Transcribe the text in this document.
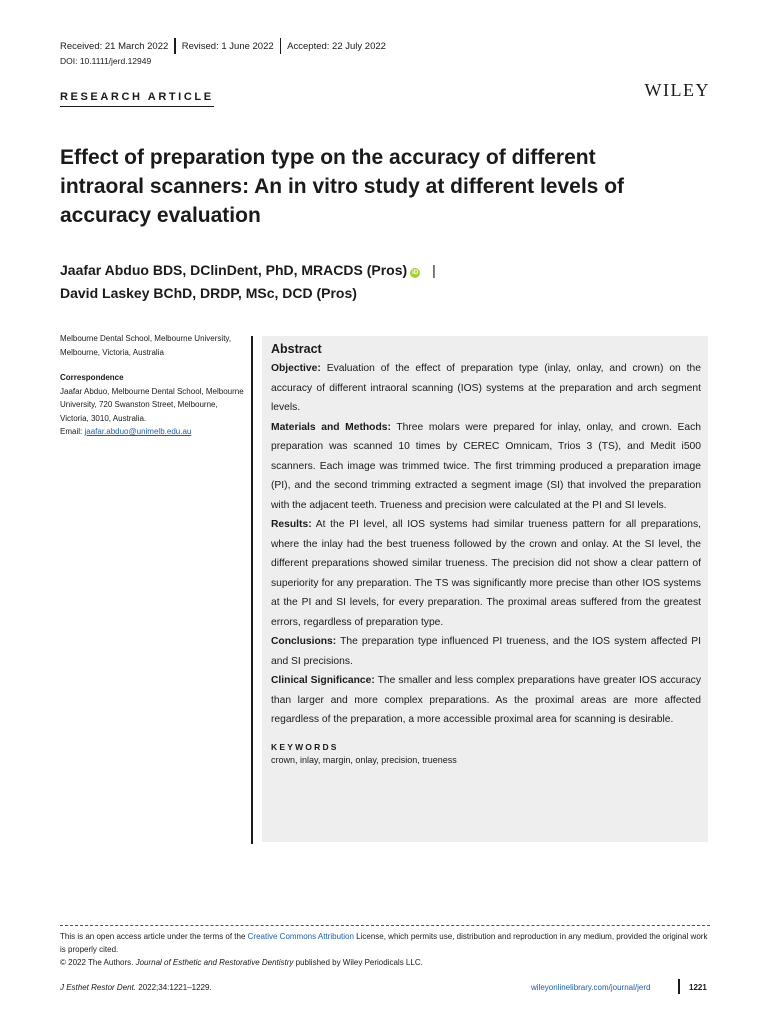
Received: 21 March 2022 Revised: 1 June 2022 Accepted: 22 July 2022
DOI: 10.1111/jerd.12949
RESEARCH ARTICLE	WILEY
Effect of preparation type on the accuracy of different intraoral scanners: An in vitro study at different levels of accuracy evaluation
Jaafar Abduo BDS, DClinDent, PhD, MRACDS (Pros) iD |
David Laskey BChD, DRDP, MSc, DCD (Pros)
Melbourne Dental School, Melbourne University, Melbourne, Victoria, Australia
Correspondence
Jaafar Abduo, Melbourne Dental School, Melbourne University, 720 Swanston Street, Melbourne, Victoria, 3010, Australia.
Email: jaafar.abduo@unimelb.edu.au
Abstract

Objective: Evaluation of the effect of preparation type (inlay, onlay, and crown) on the accuracy of different intraoral scanning (IOS) systems at the preparation and arch segment levels.

Materials and Methods: Three molars were prepared for inlay, onlay, and crown. Each preparation was scanned 10 times by CEREC Omnicam, Trios 3 (TS), and Medit i500 scanners. Each image was trimmed twice. The first trimming produced a preparation image (PI), and the second trimming extracted a segment image (SI) that involved the preparation with the adjacent teeth. Trueness and precision were calculated at the PI and SI levels.

Results: At the PI level, all IOS systems had similar trueness pattern for all preparations, where the inlay had the best trueness followed by the crown and onlay. At the SI level, the different preparations showed similar trueness. The precision did not show a clear pattern of superiority for any preparation. The TS was significantly more precise than other IOS systems at the PI and SI levels, for every preparation. The proximal areas suffered from the greatest errors, regardless of preparation type.

Conclusions: The preparation type influenced PI trueness, and the IOS system affected PI and SI precisions.

Clinical Significance: The smaller and less complex preparations have greater IOS accuracy than larger and more complex preparations. As the proximal areas are more affected regardless of the preparation, a more accessible proximal area for scanning is desirable.

KEYWORDS
crown, inlay, margin, onlay, precision, trueness
This is an open access article under the terms of the Creative Commons Attribution License, which permits use, distribution and reproduction in any medium, provided the original work is properly cited.
© 2022 The Authors. Journal of Esthetic and Restorative Dentistry published by Wiley Periodicals LLC.
J Esthet Restor Dent. 2022;34:1221–1229.	wileyonlinelibrary.com/journal/jerd	1221
